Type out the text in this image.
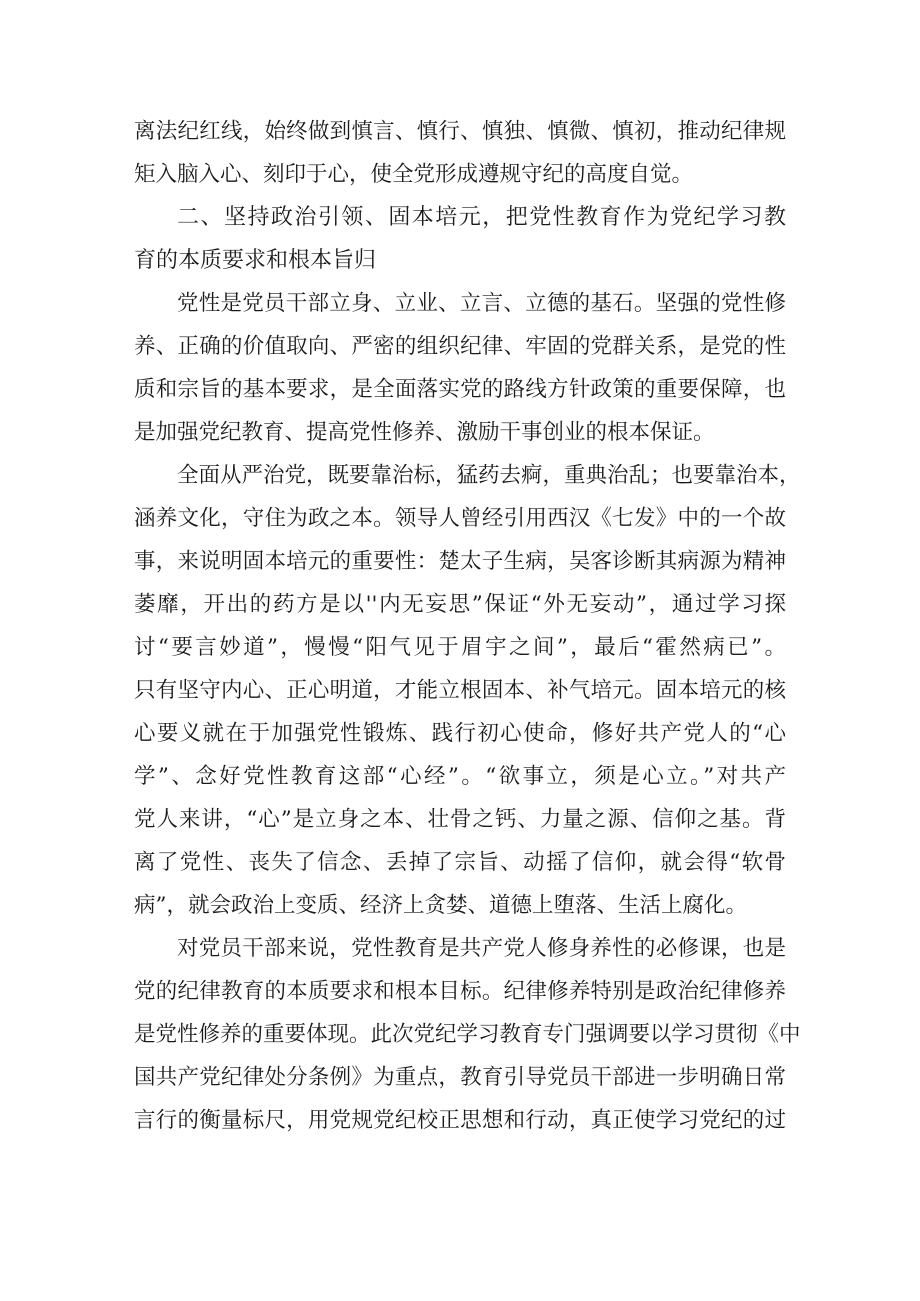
离法纪红线，始终做到慎言、慎行、慎独、慎微、慎初，推动纪律规
矩入脑入心、刻印于心，使全党形成遵规守纪的高度自觉。
二、坚持政治引领、固本培元，把党性教育作为党纪学习教
育的本质要求和根本旨归
党性是党员干部立身、立业、立言、立德的基石。坚强的党性修
养、正确的价值取向、严密的组织纪律、牢固的党群关系，是党的性
质和宗旨的基本要求，是全面落实党的路线方针政策的重要保障，也
是加强党纪教育、提高党性修养、激励干事创业的根本保证。
全面从严治党，既要靠治标，猛药去痾，重典治乱；也要靠治本，
涵养文化，守住为政之本。领导人曾经引用西汉《七发》中的一个故
事，来说明固本培元的重要性：楚太子生病，吴客诊断其病源为精神
萎靡，开出的药方是以''内无妄思”保证“外无妄动”，通过学习探
讨“要言妙道”，慢慢“阳气见于眉宇之间”，最后“霍然病已”。
只有坚守内心、正心明道，才能立根固本、补气培元。固本培元的核
心要义就在于加强党性锻炼、践行初心使命，修好共产党人的“心
学”、念好党性教育这部“心经”。“欲事立，须是心立。”对共产
党人来讲，“心”是立身之本、壮骨之钙、力量之源、信仰之基。背
离了党性、丧失了信念、丢掉了宗旨、动摇了信仰，就会得“软骨
病”，就会政治上变质、经济上贪婪、道德上堕落、生活上腐化。
对党员干部来说，党性教育是共产党人修身养性的必修课，也是
党的纪律教育的本质要求和根本目标。纪律修养特别是政治纪律修养
是党性修养的重要体现。此次党纪学习教育专门强调要以学习贯彻《中
国共产党纪律处分条例》为重点，教育引导党员干部进一步明确日常
言行的衡量标尺，用党规党纪校正思想和行动，真正使学习党纪的过
